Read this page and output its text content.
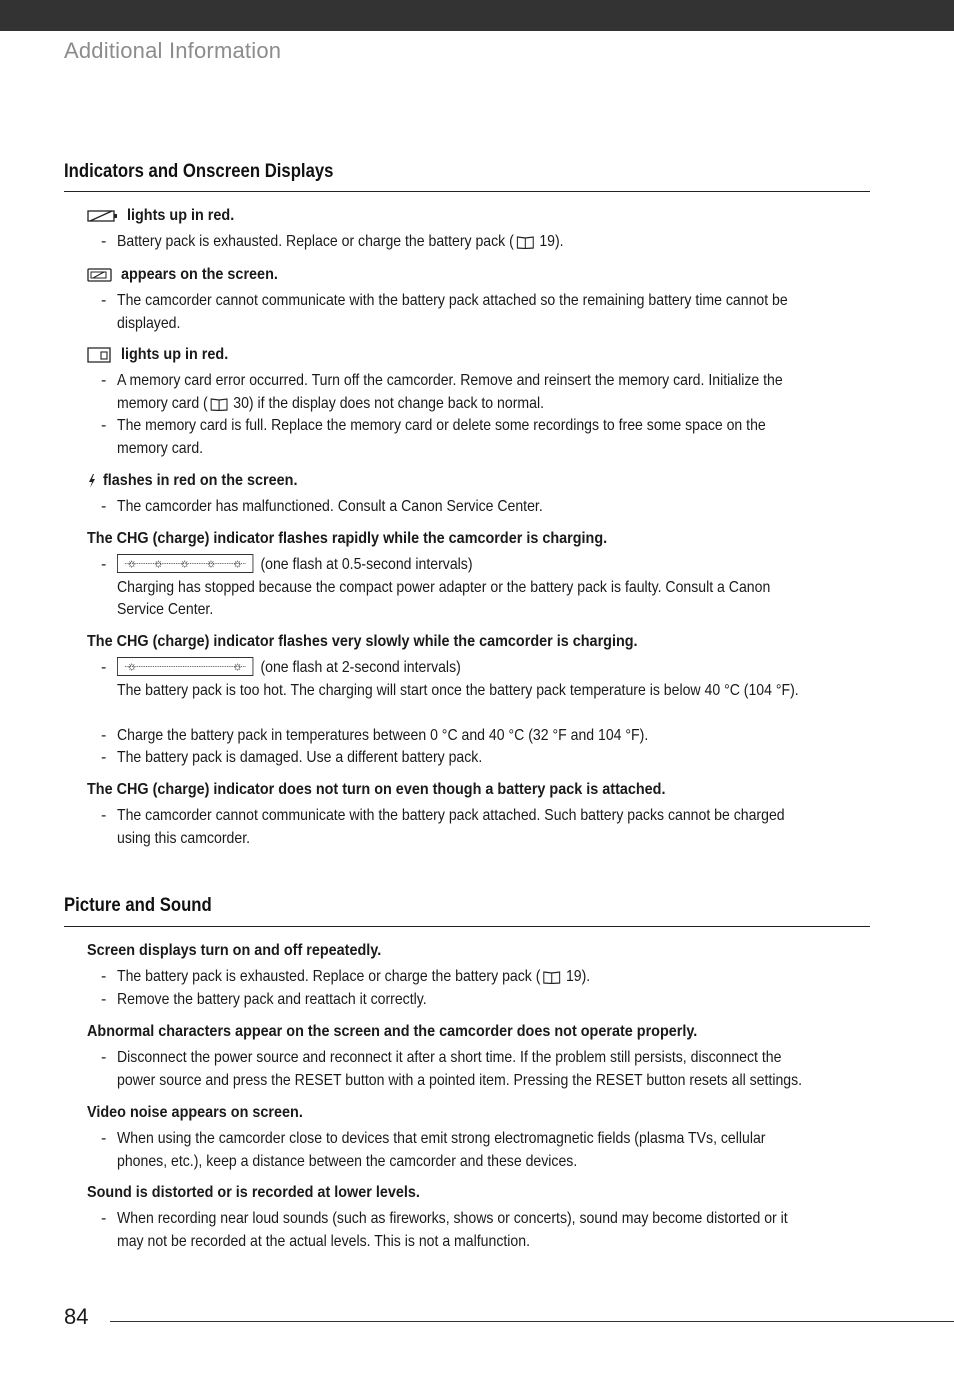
Additional Information
Indicators and Onscreen Displays
lights up in red.
- Battery pack is exhausted. Replace or charge the battery pack ( 19).
appears on the screen.
- The camcorder cannot communicate with the battery pack attached so the remaining battery time cannot be displayed.
lights up in red.
- A memory card error occurred. Turn off the camcorder. Remove and reinsert the memory card. Initialize the memory card ( 30) if the display does not change back to normal.
- The memory card is full. Replace the memory card or delete some recordings to free some space on the memory card.
flashes in red on the screen.
- The camcorder has malfunctioned. Consult a Canon Service Center.
The CHG (charge) indicator flashes rapidly while the camcorder is charging.
- ☼ ☼ ☼ ☼ ☼ (one flash at 0.5-second intervals)
Charging has stopped because the compact power adapter or the battery pack is faulty. Consult a Canon Service Center.
The CHG (charge) indicator flashes very slowly while the camcorder is charging.
- ☼	☼ (one flash at 2-second intervals)
The battery pack is too hot. The charging will start once the battery pack temperature is below 40 °C (104 °F).
- Charge the battery pack in temperatures between 0 °C and 40 °C (32 °F and 104 °F).
- The battery pack is damaged. Use a different battery pack.
The CHG (charge) indicator does not turn on even though a battery pack is attached.
- The camcorder cannot communicate with the battery pack attached. Such battery packs cannot be charged using this camcorder.
Picture and Sound
Screen displays turn on and off repeatedly.
- The battery pack is exhausted. Replace or charge the battery pack ( 19).
- Remove the battery pack and reattach it correctly.
Abnormal characters appear on the screen and the camcorder does not operate properly.
- Disconnect the power source and reconnect it after a short time. If the problem still persists, disconnect the power source and press the RESET button with a pointed item. Pressing the RESET button resets all settings.
Video noise appears on screen.
- When using the camcorder close to devices that emit strong electromagnetic fields (plasma TVs, cellular phones, etc.), keep a distance between the camcorder and these devices.
Sound is distorted or is recorded at lower levels.
- When recording near loud sounds (such as fireworks, shows or concerts), sound may become distorted or it may not be recorded at the actual levels. This is not a malfunction.
84
